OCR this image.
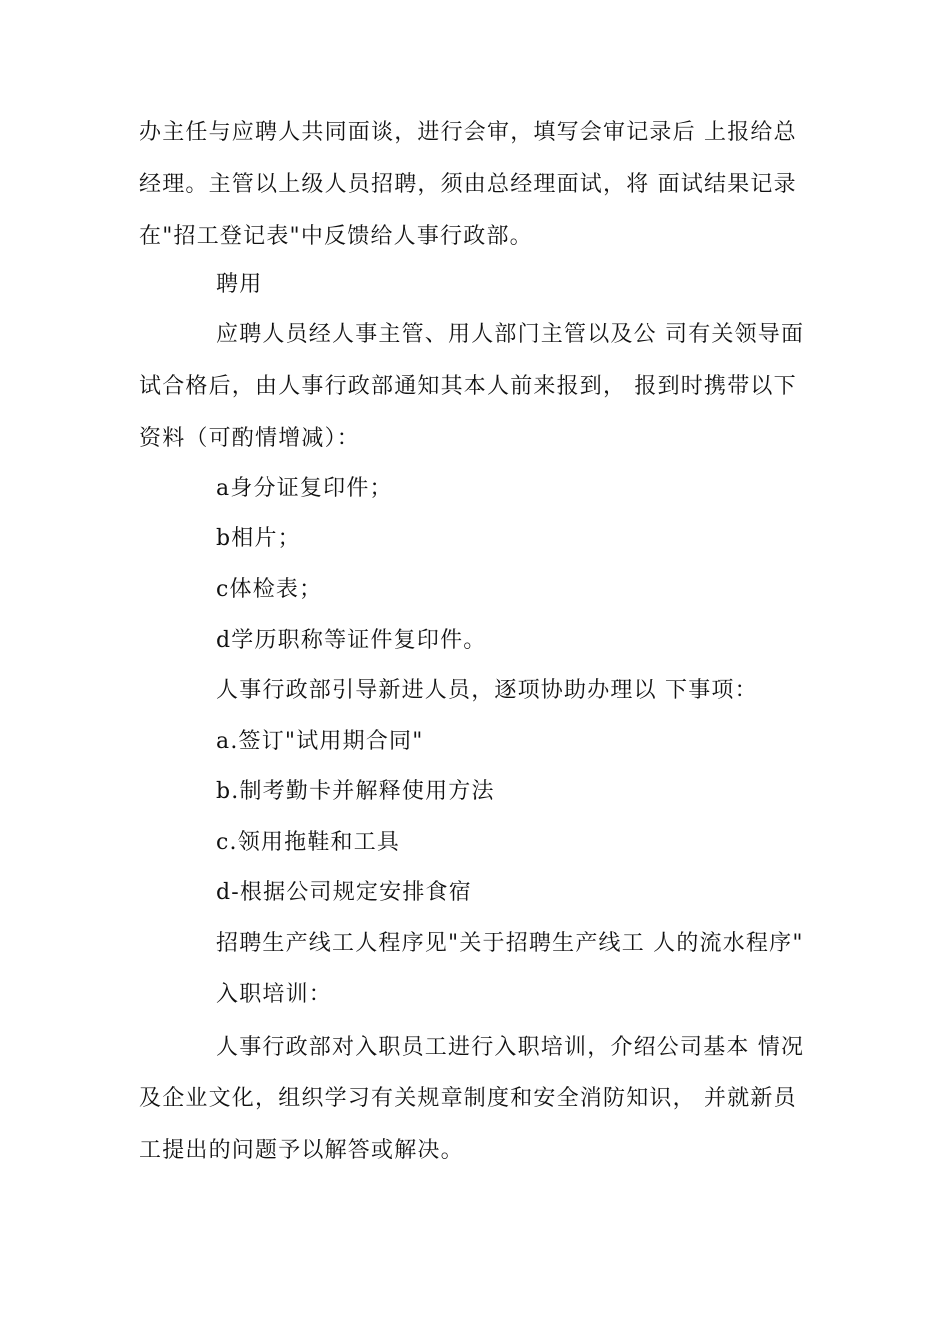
办主任与应聘人共同面谈，进行会审，填写会审记录后 上报给总
经理。主管以上级人员招聘，须由总经理面试，将 面试结果记录
在"招工登记表"中反馈给人事行政部。
聘用
应聘人员经人事主管、用人部门主管以及公 司有关领导面
试合格后，由人事行政部通知其本人前来报到， 报到时携带以下
资料（可酌情增减）：
a身分证复印件；
b相片；
c体检表；
d学历职称等证件复印件。
人事行政部引导新进人员，逐项协助办理以 下事项：
a.签订"试用期合同"
b.制考勤卡并解释使用方法
c.领用拖鞋和工具
d-根据公司规定安排食宿
招聘生产线工人程序见"关于招聘生产线工 人的流水程序"
入职培训：
人事行政部对入职员工进行入职培训，介绍公司基本 情况
及企业文化，组织学习有关规章制度和安全消防知识， 并就新员
工提出的问题予以解答或解决。
